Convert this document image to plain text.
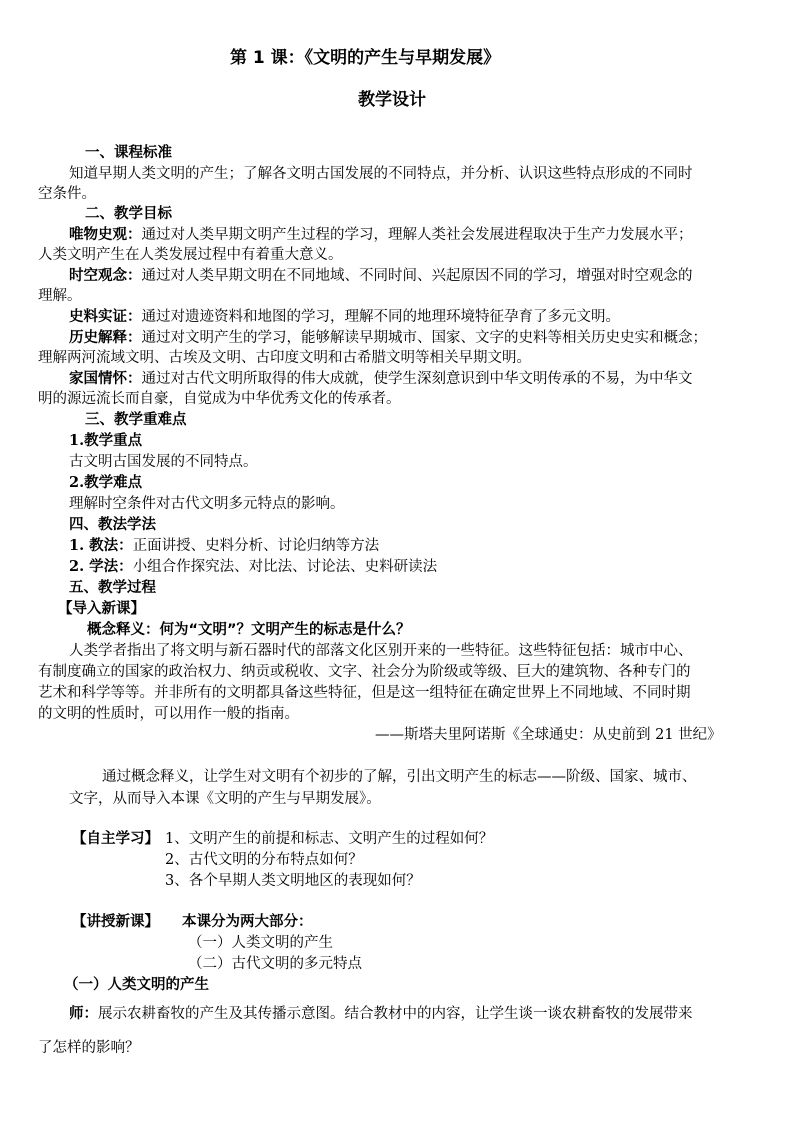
第 1 课：《文明的产生与早期发展》
教学设计
一、课程标准
知道早期人类文明的产生；了解各文明古国发展的不同特点，并分析、认识这些特点形成的不同时
空条件。
二、教学目标
唯物史观：通过对人类早期文明产生过程的学习，理解人类社会发展进程取决于生产力发展水平；
人类文明产生在人类发展过程中有着重大意义。
时空观念：通过对人类早期文明在不同地域、不同时间、兴起原因不同的学习，增强对时空观念的
理解。
史料实证：通过对遗迹资料和地图的学习，理解不同的地理环境特征孕育了多元文明。
历史解释：通过对文明产生的学习，能够解读早期城市、国家、文字的史料等相关历史史实和概念；
理解两河流域文明、古埃及文明、古印度文明和古希腊文明等相关早期文明。
家国情怀：通过对古代文明所取得的伟大成就，使学生深刻意识到中华文明传承的不易，为中华文
明的源远流长而自豪，自觉成为中华优秀文化的传承者。
三、教学重难点
1.教学重点
古文明古国发展的不同特点。
2.教学难点
理解时空条件对古代文明多元特点的影响。
四、教法学法
1. 教法：正面讲授、史料分析、讨论归纳等方法
2. 学法：小组合作探究法、对比法、讨论法、史料研读法
五、教学过程
【导入新课】
概念释义：何为“文明”？文明产生的标志是什么？
人类学者指出了将文明与新石器时代的部落文化区别开来的一些特征。这些特征包括：城市中心、
有制度确立的国家的政治权力、纳贡或税收、文字、社会分为阶级或等级、巨大的建筑物、各种专门的
艺术和科学等等。并非所有的文明都具备这些特征，但是这一组特征在确定世界上不同地域、不同时期
的文明的性质时，可以用作一般的指南。
——斯塔夫里阿诺斯《全球通史：从史前到 21 世纪》
通过概念释义，让学生对文明有个初步的了解，引出文明产生的标志——阶级、国家、城市、
文字，从而导入本课《文明的产生与早期发展》。
【自主学习】 1、文明产生的前提和标志、文明产生的过程如何？
2、古代文明的分布特点如何？
3、各个早期人类文明地区的表现如何？
【讲授新课】 本课分为两大部分：
（一）人类文明的产生
（二）古代文明的多元特点
（一）人类文明的产生
师：展示农耕畜牧的产生及其传播示意图。结合教材中的内容，让学生谈一谈农耕畜牧的发展带来
了怎样的影响？
